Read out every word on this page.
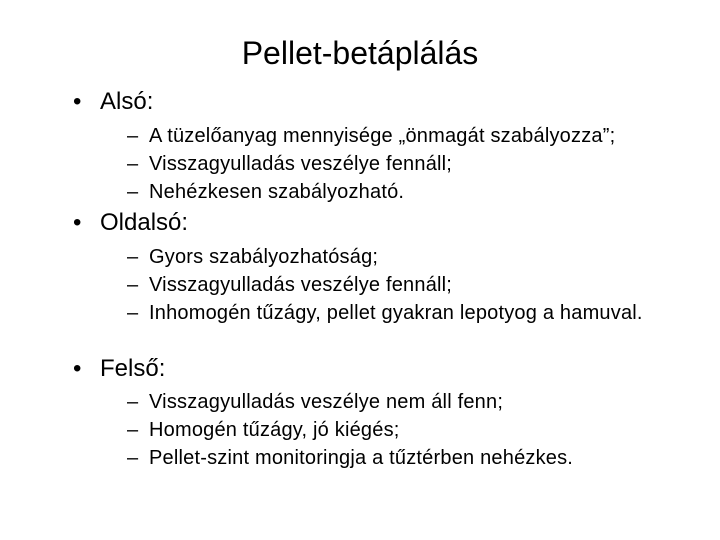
Pellet-betáplálás
• Alsó:
– A tüzelőanyag mennyisége „önmagát szabályozza”;
– Visszagyulladás veszélye fennáll;
– Nehézkesen szabályozható.
• Oldalsó:
– Gyors szabályozhatóság;
– Visszagyulladás veszélye fennáll;
– Inhomogén tűzágy, pellet gyakran lepotyog a hamuval.
• Felső:
– Visszagyulladás veszélye nem áll fenn;
– Homogén tűzágy, jó kiégés;
– Pellet-szint monitoringja a tűztérben nehézkes.
